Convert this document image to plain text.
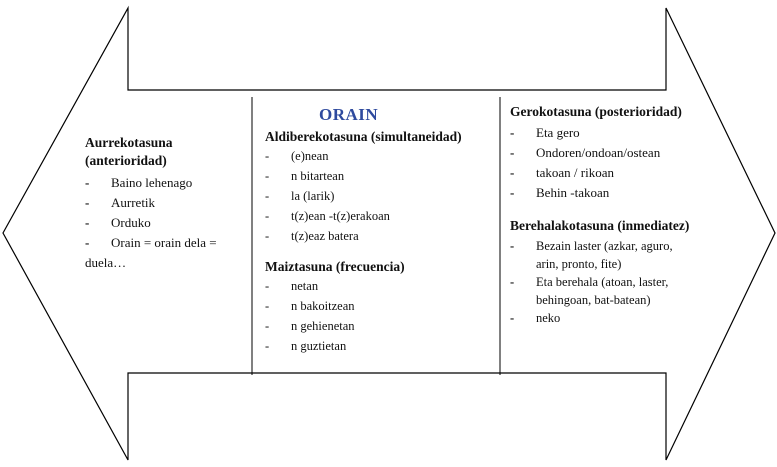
Aurrekotasuna
(anterioridad)
- Baino lehenago
- Aurretik
- Orduko
- Orain = orain dela =
duela…
ORAIN
Aldiberekotasuna (simultaneidad)
- (e)nean
- n bitartean
- la (larik)
- t(z)ean -t(z)erakoan
- t(z)eaz batera
Maiztasuna (frecuencia)
- netan
- n bakoitzean
- n gehienetan
- n guztietan
Gerokotasuna (posterioridad)
- Eta gero
- Ondoren/ondoan/ostean
- takoan / rikoan
- Behin -takoan
Berehalakotasuna (inmediatez)
- Bezain laster (azkar, aguro,
arin, pronto, fite)
- Eta berehala (atoan, laster,
behingoan, bat-batean)
- neko
